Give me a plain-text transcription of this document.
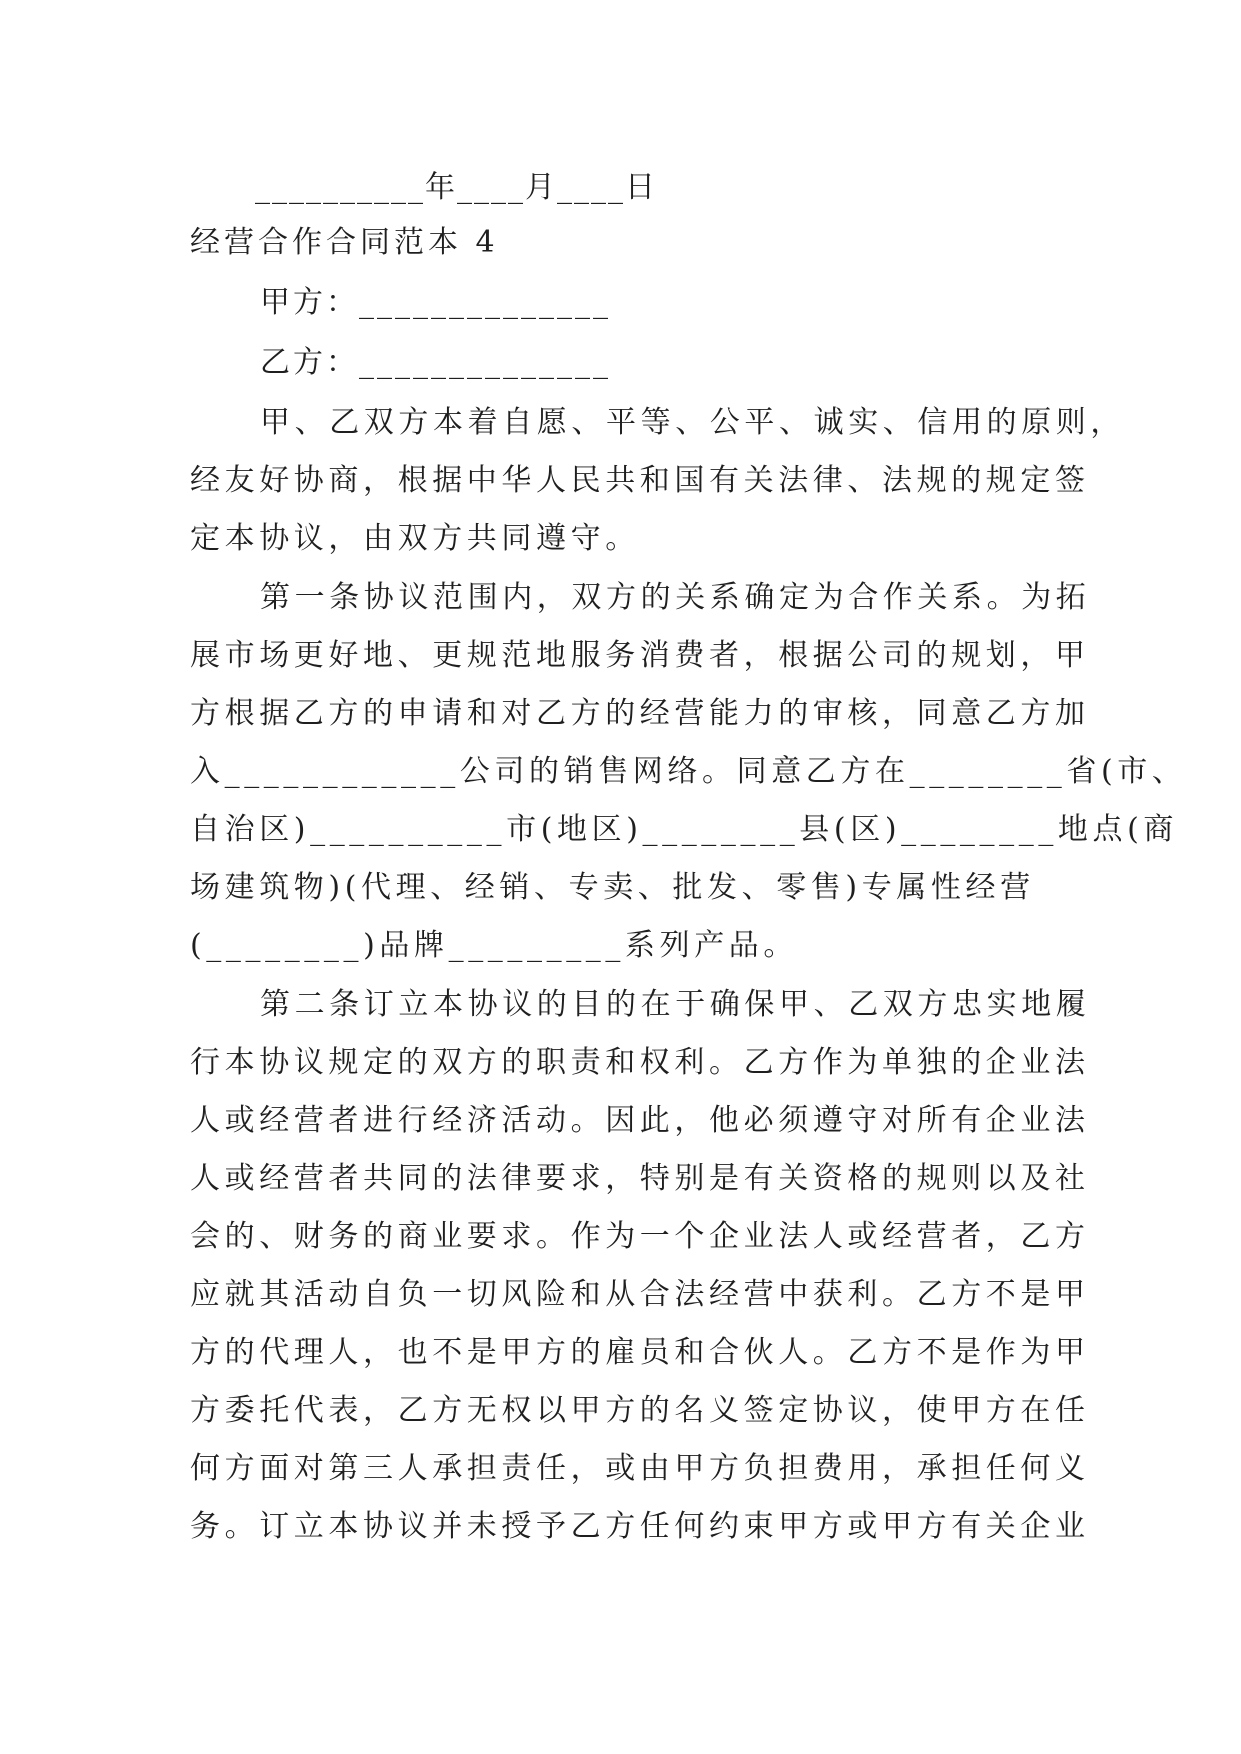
__________年____月____日
经营合作合同范本 4
甲方：______________
乙方：______________
甲、乙双方本着自愿、平等、公平、诚实、信用的原则，
经友好协商，根据中华人民共和国有关法律、法规的规定签
定本协议，由双方共同遵守。
第一条协议范围内，双方的关系确定为合作关系。为拓
展市场更好地、更规范地服务消费者，根据公司的规划，甲
方根据乙方的申请和对乙方的经营能力的审核，同意乙方加
入____________公司的销售网络。同意乙方在________省(市、
自治区)__________市(地区)________县(区)________地点(商
场建筑物)(代理、经销、专卖、批发、零售)专属性经营
(________)品牌_________系列产品。
第二条订立本协议的目的在于确保甲、乙双方忠实地履
行本协议规定的双方的职责和权利。乙方作为单独的企业法
人或经营者进行经济活动。因此，他必须遵守对所有企业法
人或经营者共同的法律要求，特别是有关资格的规则以及社
会的、财务的商业要求。作为一个企业法人或经营者，乙方
应就其活动自负一切风险和从合法经营中获利。乙方不是甲
方的代理人，也不是甲方的雇员和合伙人。乙方不是作为甲
方委托代表，乙方无权以甲方的名义签定协议，使甲方在任
何方面对第三人承担责任，或由甲方负担费用，承担任何义
务。订立本协议并未授予乙方任何约束甲方或甲方有关企业
